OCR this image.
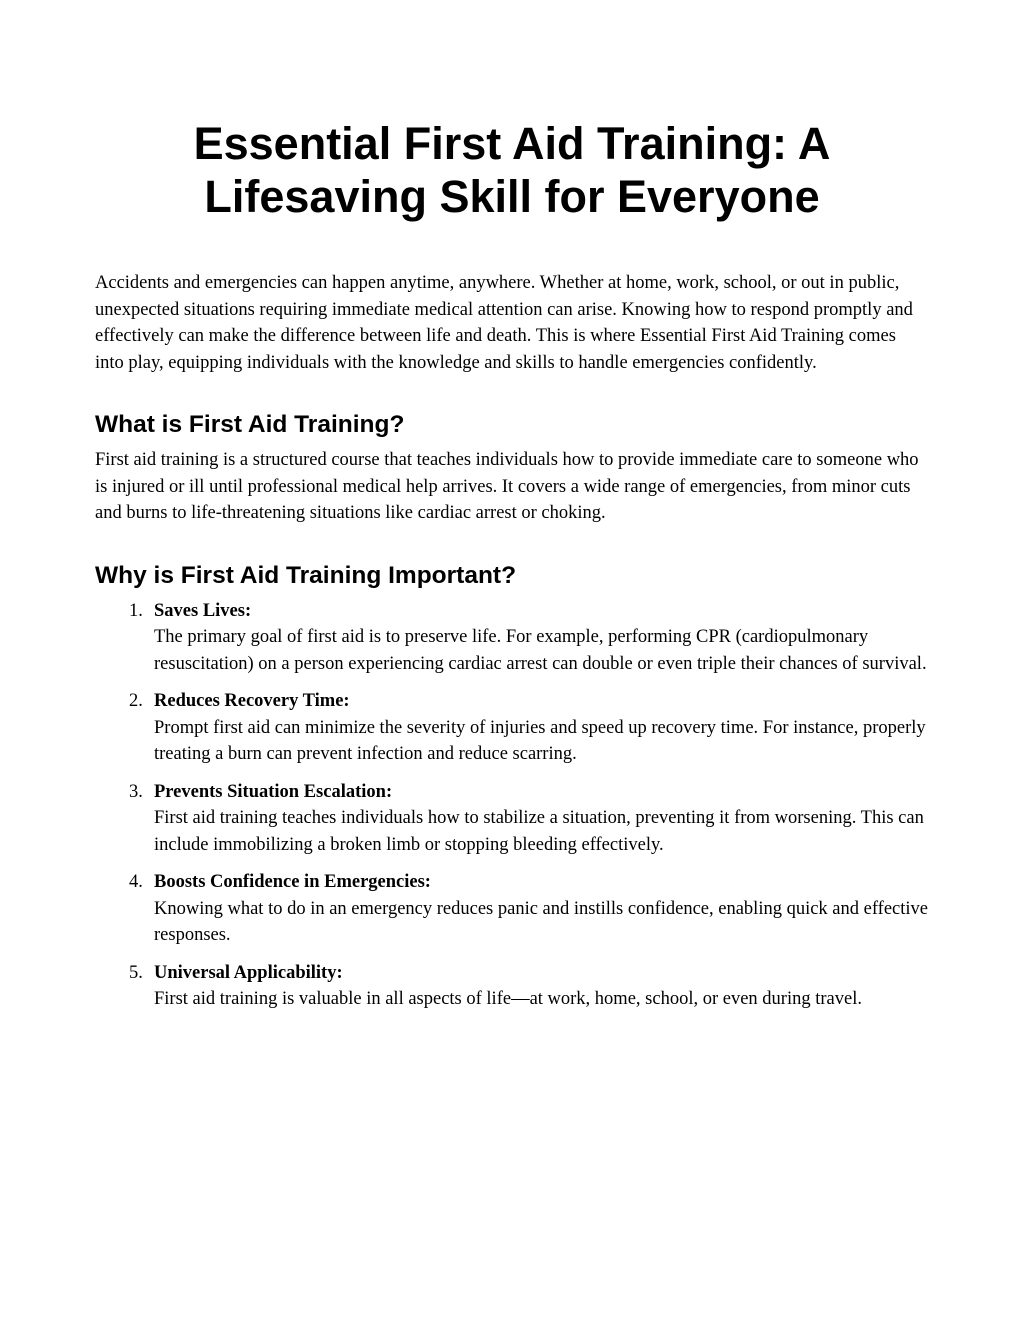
Essential First Aid Training: A Lifesaving Skill for Everyone

Accidents and emergencies can happen anytime, anywhere. Whether at home, work, school, or out in public, unexpected situations requiring immediate medical attention can arise. Knowing how to respond promptly and effectively can make the difference between life and death. This is where Essential First Aid Training comes into play, equipping individuals with the knowledge and skills to handle emergencies confidently.

What is First Aid Training?

First aid training is a structured course that teaches individuals how to provide immediate care to someone who is injured or ill until professional medical help arrives. It covers a wide range of emergencies, from minor cuts and burns to life-threatening situations like cardiac arrest or choking.

Why is First Aid Training Important?
1. Saves Lives:
The primary goal of first aid is to preserve life. For example, performing CPR (cardiopulmonary resuscitation) on a person experiencing cardiac arrest can double or even triple their chances of survival.
2. Reduces Recovery Time:
Prompt first aid can minimize the severity of injuries and speed up recovery time. For instance, properly treating a burn can prevent infection and reduce scarring.
3. Prevents Situation Escalation:
First aid training teaches individuals how to stabilize a situation, preventing it from worsening. This can include immobilizing a broken limb or stopping bleeding effectively.
4. Boosts Confidence in Emergencies:
Knowing what to do in an emergency reduces panic and instills confidence, enabling quick and effective responses.
5. Universal Applicability:
First aid training is valuable in all aspects of life—at work, home, school, or even during travel.
